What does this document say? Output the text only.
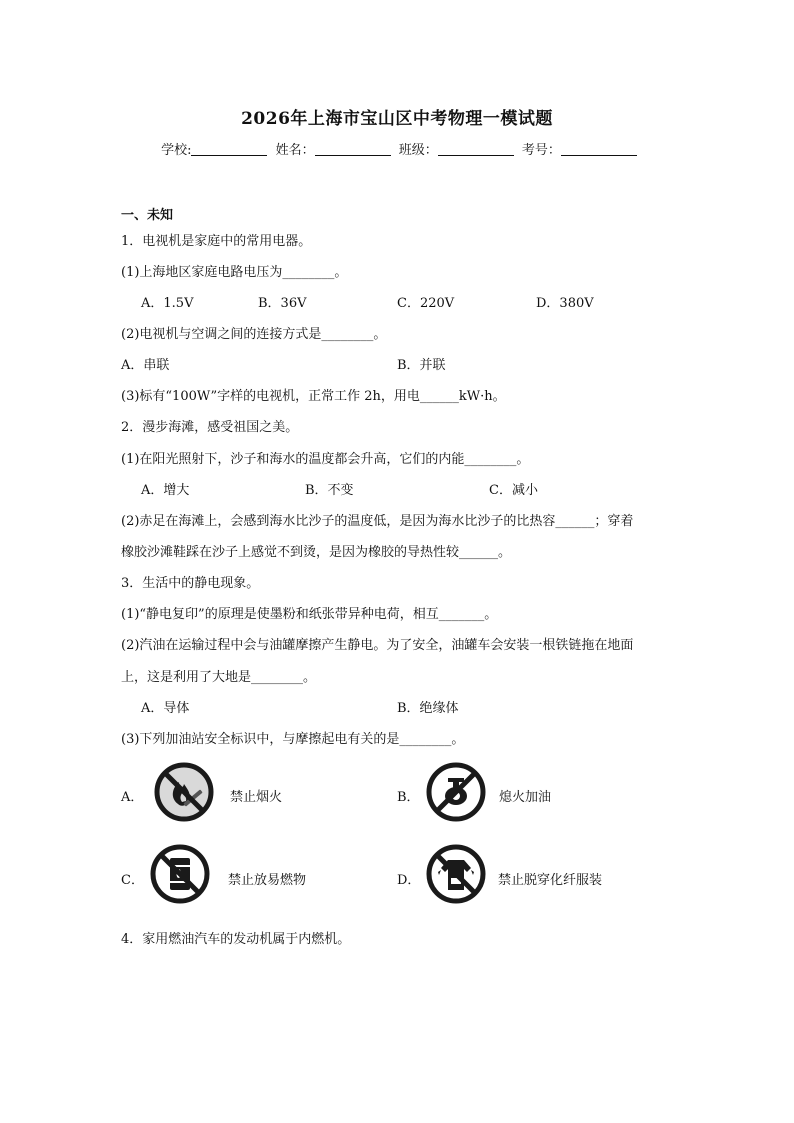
2026年上海市宝山区中考物理一模试题
学校:	姓名：	班级：	考号：
一、未知
1．电视机是家庭中的常用电器。
(1)上海地区家庭电路电压为________。
A．1.5V	B．36V	C．220V	D．380V
(2)电视机与空调之间的连接方式是________。
A．串联	B．并联
(3)标有“100W”字样的电视机，正常工作 2h，用电______kW·h。
2．漫步海滩，感受祖国之美。
(1)在阳光照射下，沙子和海水的温度都会升高，它们的内能________。
A．增大	B．不变	C．减小
(2)赤足在海滩上，会感到海水比沙子的温度低，是因为海水比沙子的比热容______；穿着
橡胶沙滩鞋踩在沙子上感觉不到烫，是因为橡胶的导热性较______。
3．生活中的静电现象。
(1)“静电复印”的原理是使墨粉和纸张带异种电荷，相互_______。
(2)汽油在运输过程中会与油罐摩擦产生静电。为了安全，油罐车会安装一根铁链拖在地面
上，这是利用了大地是________。
A．导体	B．绝缘体
(3)下列加油站安全标识中，与摩擦起电有关的是________。
A．	禁止烟火	B．	熄火加油
C．	禁止放易燃物	D．	禁止脱穿化纤服装
4．家用燃油汽车的发动机属于内燃机。
